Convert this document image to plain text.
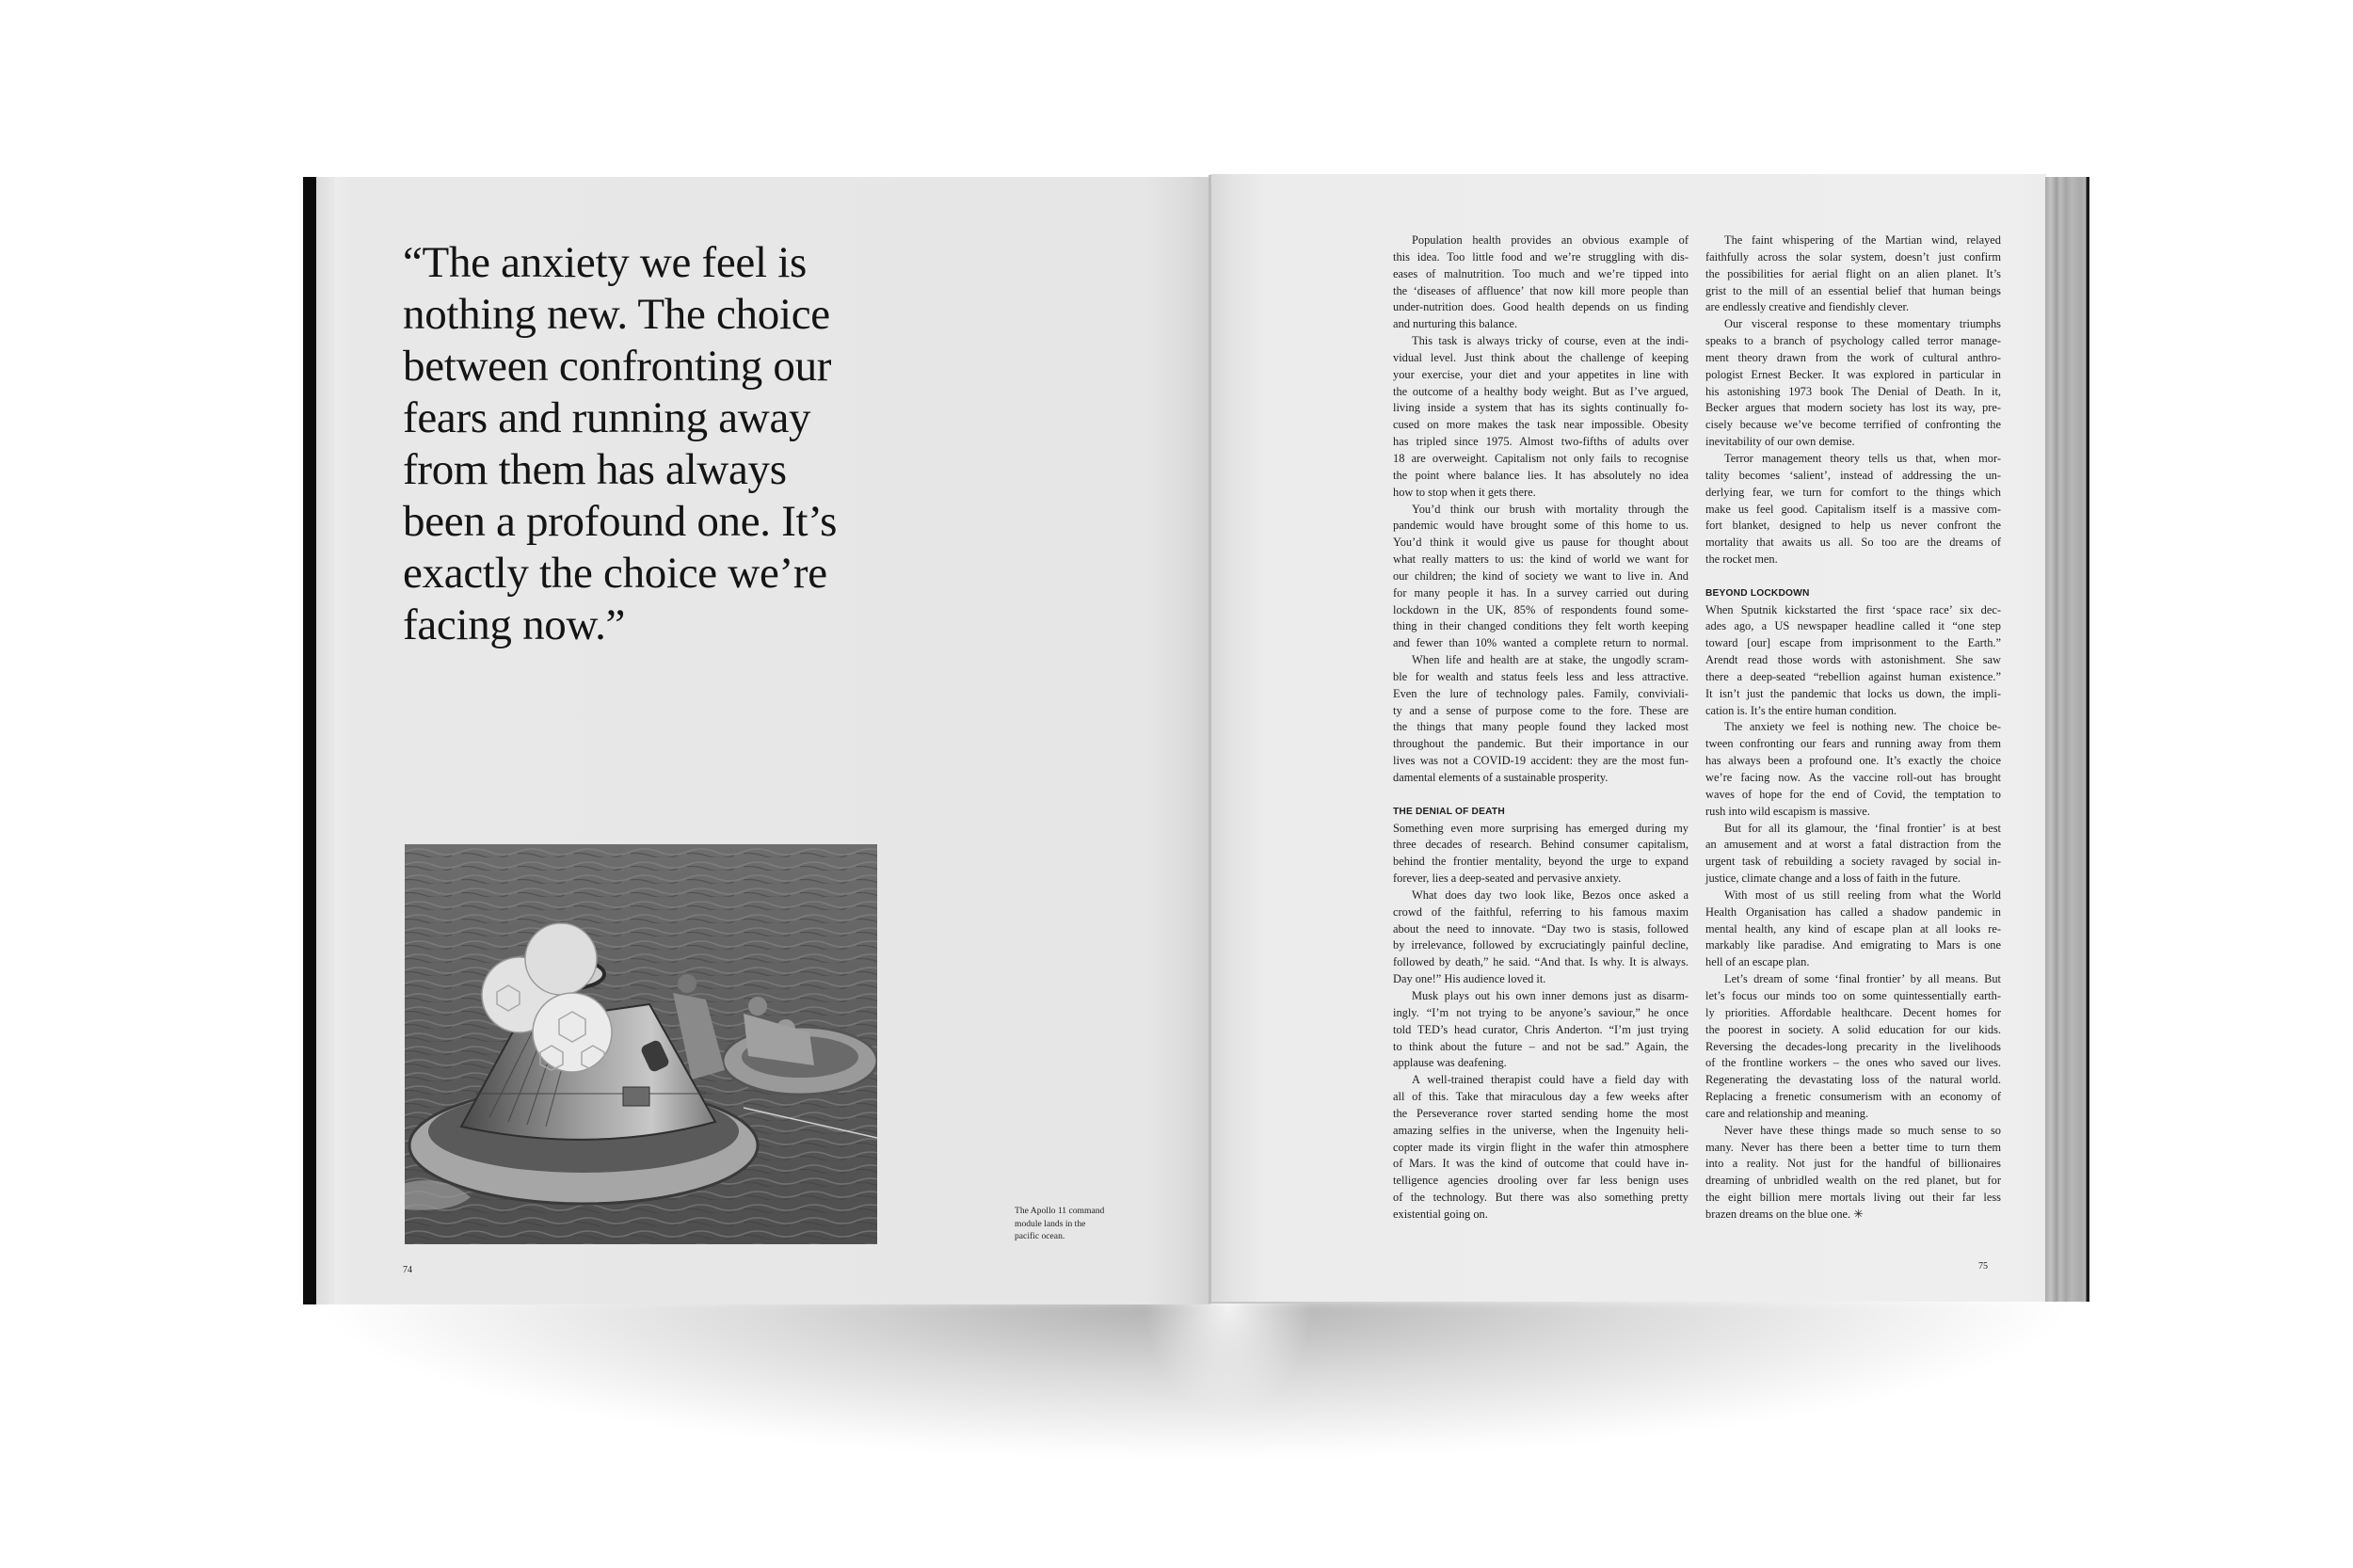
“The anxiety we feel is
nothing new. The choice
between confronting our
fears and running away
from them has always
been a profound one. It’s
exactly the choice we’re
facing now.”
The Apollo 11 command
module lands in the
pacific ocean.
74	75
Population health provides an obvious example of
this idea. Too little food and we’re struggling with dis-
eases of malnutrition. Too much and we’re tipped into
the ‘diseases of affluence’ that now kill more people than
under-nutrition does. Good health depends on us finding
and nurturing this balance.
This task is always tricky of course, even at the indi-
vidual level. Just think about the challenge of keeping
your exercise, your diet and your appetites in line with
the outcome of a healthy body weight. But as I’ve argued,
living inside a system that has its sights continually fo-
cused on more makes the task near impossible. Obesity
has tripled since 1975. Almost two-fifths of adults over
18 are overweight. Capitalism not only fails to recognise
the point where balance lies. It has absolutely no idea
how to stop when it gets there.
You’d think our brush with mortality through the
pandemic would have brought some of this home to us.
You’d think it would give us pause for thought about
what really matters to us: the kind of world we want for
our children; the kind of society we want to live in. And
for many people it has. In a survey carried out during
lockdown in the UK, 85% of respondents found some-
thing in their changed conditions they felt worth keeping
and fewer than 10% wanted a complete return to normal.
When life and health are at stake, the ungodly scram-
ble for wealth and status feels less and less attractive.
Even the lure of technology pales. Family, conviviali-
ty and a sense of purpose come to the fore. These are
the things that many people found they lacked most
throughout the pandemic. But their importance in our
lives was not a COVID-19 accident: they are the most fun-
damental elements of a sustainable prosperity.
THE DENIAL OF DEATH
Something even more surprising has emerged during my
three decades of research. Behind consumer capitalism,
behind the frontier mentality, beyond the urge to expand
forever, lies a deep-seated and pervasive anxiety.
What does day two look like, Bezos once asked a
crowd of the faithful, referring to his famous maxim
about the need to innovate. “Day two is stasis, followed
by irrelevance, followed by excruciatingly painful decline,
followed by death,” he said. “And that. Is why. It is always.
Day one!” His audience loved it.
Musk plays out his own inner demons just as disarm-
ingly. “I’m not trying to be anyone’s saviour,” he once
told TED’s head curator, Chris Anderton. “I’m just trying
to think about the future – and not be sad.” Again, the
applause was deafening.
A well-trained therapist could have a field day with
all of this. Take that miraculous day a few weeks after
the Perseverance rover started sending home the most
amazing selfies in the universe, when the Ingenuity heli-
copter made its virgin flight in the wafer thin atmosphere
of Mars. It was the kind of outcome that could have in-
telligence agencies drooling over far less benign uses
of the technology. But there was also something pretty
existential going on.
The faint whispering of the Martian wind, relayed
faithfully across the solar system, doesn’t just confirm
the possibilities for aerial flight on an alien planet. It’s
grist to the mill of an essential belief that human beings
are endlessly creative and fiendishly clever.
Our visceral response to these momentary triumphs
speaks to a branch of psychology called terror manage-
ment theory drawn from the work of cultural anthro-
pologist Ernest Becker. It was explored in particular in
his astonishing 1973 book The Denial of Death. In it,
Becker argues that modern society has lost its way, pre-
cisely because we’ve become terrified of confronting the
inevitability of our own demise.
Terror management theory tells us that, when mor-
tality becomes ‘salient’, instead of addressing the un-
derlying fear, we turn for comfort to the things which
make us feel good. Capitalism itself is a massive com-
fort blanket, designed to help us never confront the
mortality that awaits us all. So too are the dreams of
the rocket men.
BEYOND LOCKDOWN
When Sputnik kickstarted the first ‘space race’ six dec-
ades ago, a US newspaper headline called it “one step
toward [our] escape from imprisonment to the Earth.”
Arendt read those words with astonishment. She saw
there a deep-seated “rebellion against human existence.”
It isn’t just the pandemic that locks us down, the impli-
cation is. It’s the entire human condition.
The anxiety we feel is nothing new. The choice be-
tween confronting our fears and running away from them
has always been a profound one. It’s exactly the choice
we’re facing now. As the vaccine roll-out has brought
waves of hope for the end of Covid, the temptation to
rush into wild escapism is massive.
But for all its glamour, the ‘final frontier’ is at best
an amusement and at worst a fatal distraction from the
urgent task of rebuilding a society ravaged by social in-
justice, climate change and a loss of faith in the future.
With most of us still reeling from what the World
Health Organisation has called a shadow pandemic in
mental health, any kind of escape plan at all looks re-
markably like paradise. And emigrating to Mars is one
hell of an escape plan.
Let’s dream of some ‘final frontier’ by all means. But
let’s focus our minds too on some quintessentially earth-
ly priorities. Affordable healthcare. Decent homes for
the poorest in society. A solid education for our kids.
Reversing the decades-long precarity in the livelihoods
of the frontline workers – the ones who saved our lives.
Regenerating the devastating loss of the natural world.
Replacing a frenetic consumerism with an economy of
care and relationship and meaning.
Never have these things made so much sense to so
many. Never has there been a better time to turn them
into a reality. Not just for the handful of billionaires
dreaming of unbridled wealth on the red planet, but for
the eight billion mere mortals living out their far less
brazen dreams on the blue one. ✳
